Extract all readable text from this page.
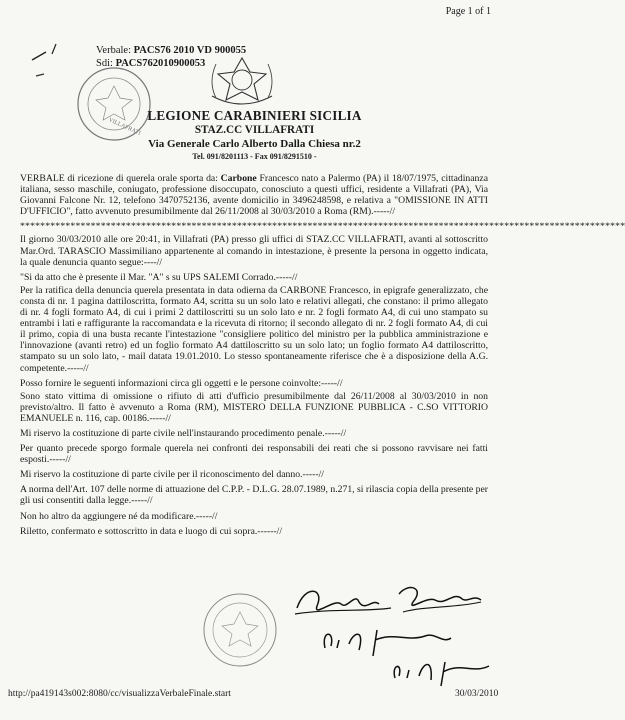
Page 1 of 1
Verbale: PACS76 2010 VD 900055
Sdi: PACS762010900053
VILLAFRATI
LEGIONE CARABINIERI SICILIA
STAZ.CC VILLAFRATI
Via Generale Carlo Alberto Dalla Chiesa nr.2
Tel. 091/8201113 - Fax 091/8291510 -

VERBALE di ricezione di querela orale sporta da: Carbone Francesco nato a Palermo (PA) il 18/07/1975, cittadinanza italiana, sesso maschile, coniugato, professione disoccupato, conosciuto a questi uffici, residente a Villafrati (PA), Via Giovanni Falcone Nr. 12, telefono 3470752136, avente domicilio in 3496248598, e relativa a "OMISSIONE IN ATTI D'UFFICIO", fatto avvenuto presumibilmente dal 26/11/2008 al 30/03/2010 a Roma (RM).-----//

************************************************************************************************************************

Il giorno 30/03/2010 alle ore 20:41, in Villafrati (PA) presso gli uffici di STAZ.CC VILLAFRATI, avanti al sottoscritto Mar.Ord. TARASCIO Massimiliano appartenente al comando in intestazione, è presente la persona in oggetto indicata, la quale denuncia quanto segue:----//

"Si da atto che è presente il Mar. "A" s su UPS SALEMI Corrado.-----//

Per la ratifica della denuncia querela presentata in data odierna da CARBONE Francesco, in epigrafe generalizzato, che consta di nr. 1 pagina dattiloscritta, formato A4, scritta su un solo lato e relativi allegati, che constano: il primo allegato di nr. 4 fogli formato A4, di cui i primi 2 dattiloscritti su un solo lato e nr. 2 fogli formato A4, di cui uno stampato su entrambi i lati e raffigurante la raccomandata e la ricevuta di ritorno; il secondo allegato di nr. 2 fogli formato A4, di cui il primo, copia di una busta recante l'intestazione "consigliere politico del ministro per la pubblica amministrazione e l'innovazione (avanti retro) ed un foglio formato A4 dattiloscritto su un solo lato; un foglio formato A4 dattiloscritto, stampato su un solo lato, - mail datata 19.01.2010. Lo stesso spontaneamente riferisce che è a disposizione della A.G. competente.-----//

Posso fornire le seguenti informazioni circa gli oggetti e le persone coinvolte:-----//

Sono stato vittima di omissione o rifiuto di atti d'ufficio presumibilmente dal 26/11/2008 al 30/03/2010 in non previsto/altro. Il fatto è avvenuto a Roma (RM), MISTERO DELLA FUNZIONE PUBBLICA - C.SO VITTORIO EMANUELE n. 116, cap. 00186.-----//

Mi riservo la costituzione di parte civile nell'instaurando procedimento penale.-----//

Per quanto precede sporgo formale querela nei confronti dei responsabili dei reati che si possono ravvisare nei fatti esposti.-----//

Mi riservo la costituzione di parte civile per il riconoscimento del danno.-----//

A norma dell'Art. 107 delle norme di attuazione del C.P.P. - D.L.G. 28.07.1989, n.271, si rilascia copia della presente per gli usi consentiti dalla legge.-----//

Non ho altro da aggiungere né da modificare.-----//

Riletto, confermato e sottoscritto in data e luogo di cui sopra.------//

http://pa419143s002:8080/cc/visualizzaVerbaleFinale.start	30/03/2010
